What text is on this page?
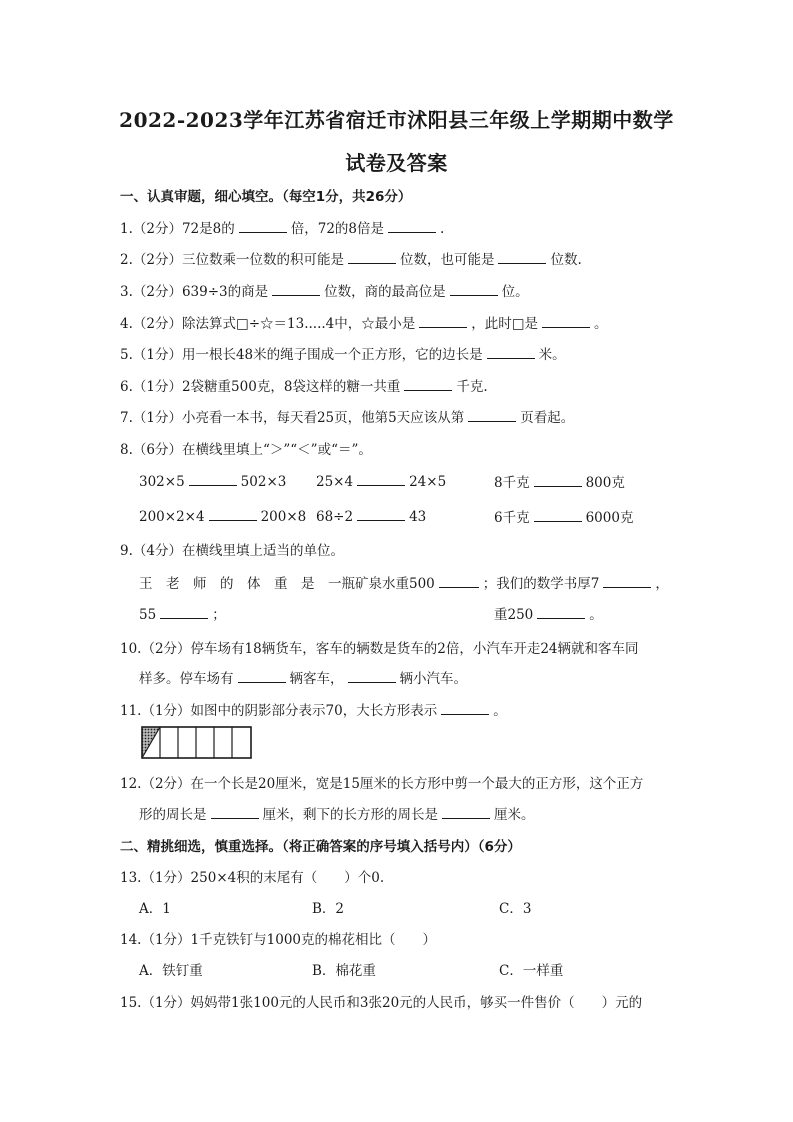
2022-2023学年江苏省宿迁市沭阳县三年级上学期期中数学
试卷及答案
一、认真审题，细心填空。（每空1分，共26分）
1.（2分）72是8的	倍，72的8倍是	.
2.（2分）三位数乘一位数的积可能是	位数，也可能是	位数.
3.（2分）639÷3的商是	位数，商的最高位是	位。
4.（2分）除法算式□÷☆＝13.....4中，☆最小是	，此时□是	。
5.（1分）用一根长48米的绳子围成一个正方形，它的边长是	米。
6.（1分）2袋糖重500克，8袋这样的糖一共重	千克.
7.（1分）小亮看一本书，每天看25页，他第5天应该从第	页看起。
8.（6分）在横线里填上“＞”“＜”或“＝”。
302×5	502×3 25×4	24×5	8千克	800克
200×2×4	200×8 68÷2	43	6千克	6000克
9.（4分）在横线里填上适当的单位。
王　老　师　的　体　重　是　一瓶矿泉水重500	；我们的数学书厚7	，
55	；	重250	。
10.（2分）停车场有18辆货车，客车的辆数是货车的2倍，小汽车开走24辆就和客车同
样多。停车场有	辆客车，	辆小汽车。
11.（1分）如图中的阴影部分表示70，大长方形表示	。
12.（2分）在一个长是20厘米，宽是15厘米的长方形中剪一个最大的正方形，这个正方
形的周长是	厘米，剩下的长方形的周长是	厘米。
二、精挑细选，慎重选择。（将正确答案的序号填入括号内）（6分）
13.（1分）250×4积的末尾有（　　）个0.
A．1	B．2	C．3
14.（1分）1千克铁钉与1000克的棉花相比（　　）
A．铁钉重	B．棉花重	C．一样重
15.（1分）妈妈带1张100元的人民币和3张20元的人民币，够买一件售价（　　）元的
